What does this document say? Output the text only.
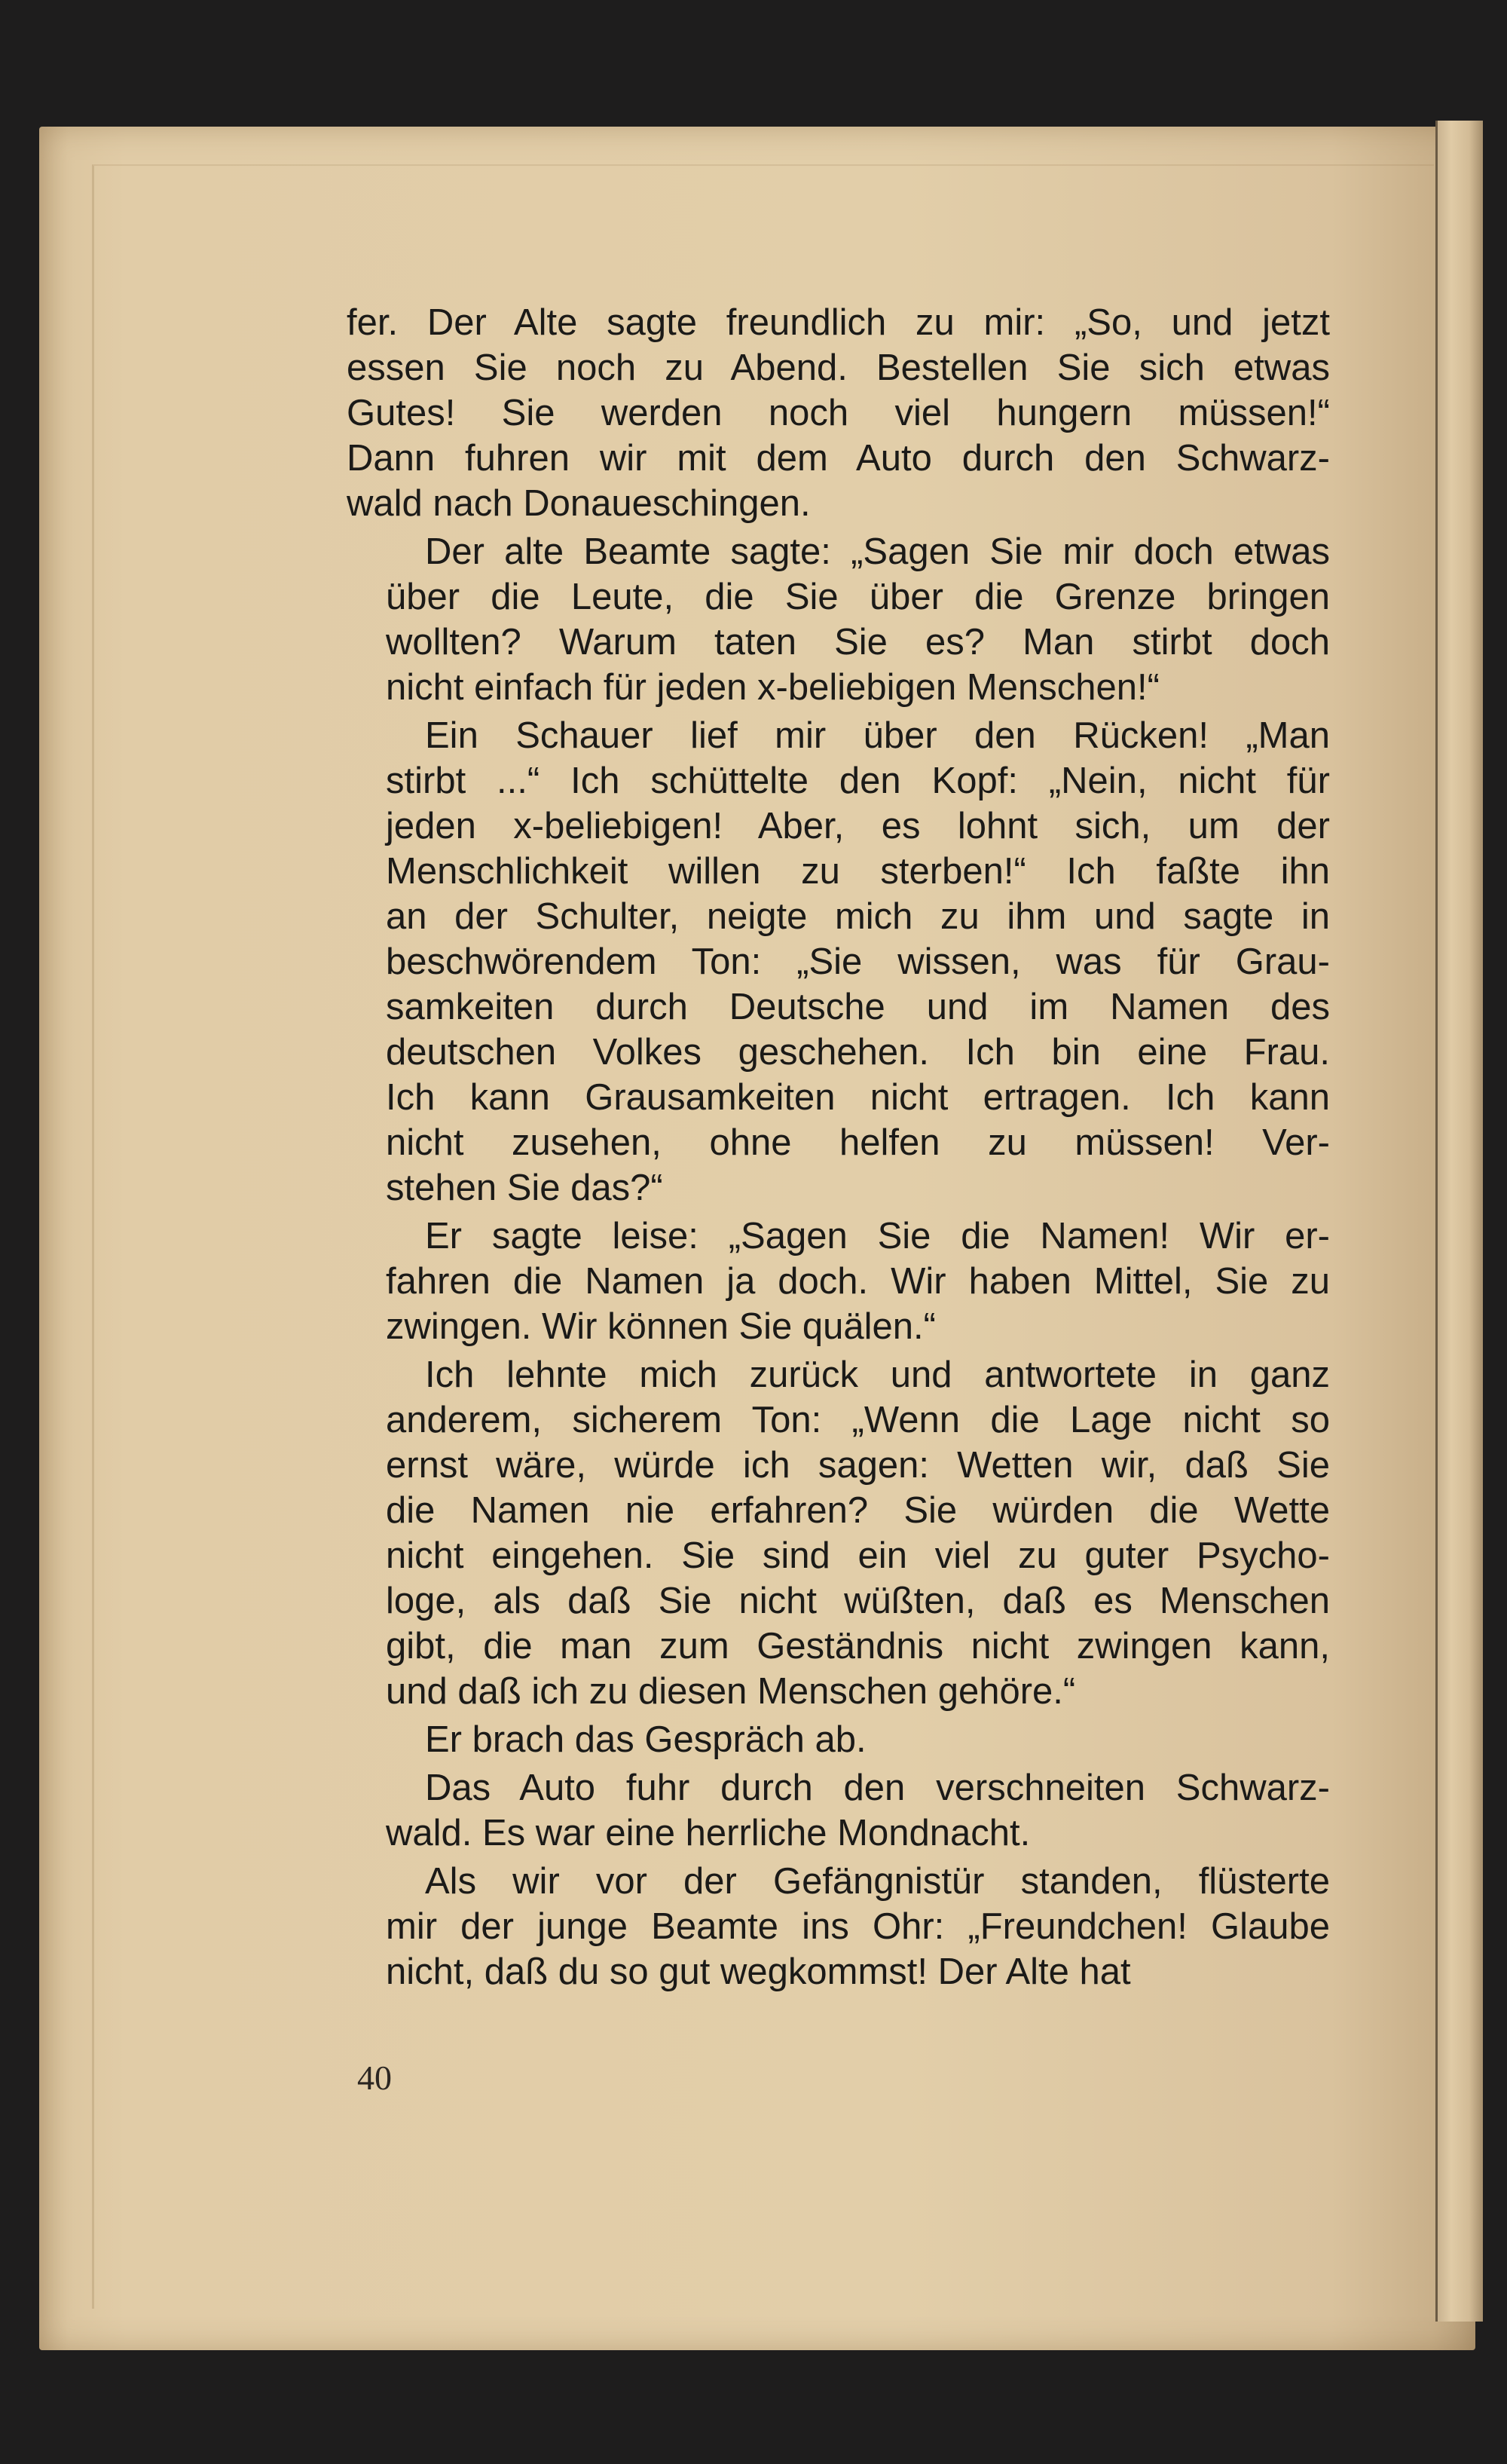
fer. Der Alte sagte freundlich zu mir: „So, und jetzt
essen Sie noch zu Abend. Bestellen Sie sich etwas
Gutes! Sie werden noch viel hungern müssen!“
Dann fuhren wir mit dem Auto durch den Schwarz-
wald nach Donaueschingen.
Der alte Beamte sagte: „Sagen Sie mir doch etwas
über die Leute, die Sie über die Grenze bringen
wollten? Warum taten Sie es? Man stirbt doch
nicht einfach für jeden x-beliebigen Menschen!“
Ein Schauer lief mir über den Rücken! „Man
stirbt ...“ Ich schüttelte den Kopf: „Nein, nicht für
jeden x-beliebigen! Aber, es lohnt sich, um der
Menschlichkeit willen zu sterben!“ Ich faßte ihn
an der Schulter, neigte mich zu ihm und sagte in
beschwörendem Ton: „Sie wissen, was für Grau-
samkeiten durch Deutsche und im Namen des
deutschen Volkes geschehen. Ich bin eine Frau.
Ich kann Grausamkeiten nicht ertragen. Ich kann
nicht zusehen, ohne helfen zu müssen! Ver-
stehen Sie das?“
Er sagte leise: „Sagen Sie die Namen! Wir er-
fahren die Namen ja doch. Wir haben Mittel, Sie zu
zwingen. Wir können Sie quälen.“
Ich lehnte mich zurück und antwortete in ganz
anderem, sicherem Ton: „Wenn die Lage nicht so
ernst wäre, würde ich sagen: Wetten wir, daß Sie
die Namen nie erfahren? Sie würden die Wette
nicht eingehen. Sie sind ein viel zu guter Psycho-
loge, als daß Sie nicht wüßten, daß es Menschen
gibt, die man zum Geständnis nicht zwingen kann,
und daß ich zu diesen Menschen gehöre.“
Er brach das Gespräch ab.
Das Auto fuhr durch den verschneiten Schwarz-
wald. Es war eine herrliche Mondnacht.
Als wir vor der Gefängnistür standen, flüsterte
mir der junge Beamte ins Ohr: „Freundchen! Glaube
nicht, daß du so gut wegkommst! Der Alte hat
40
